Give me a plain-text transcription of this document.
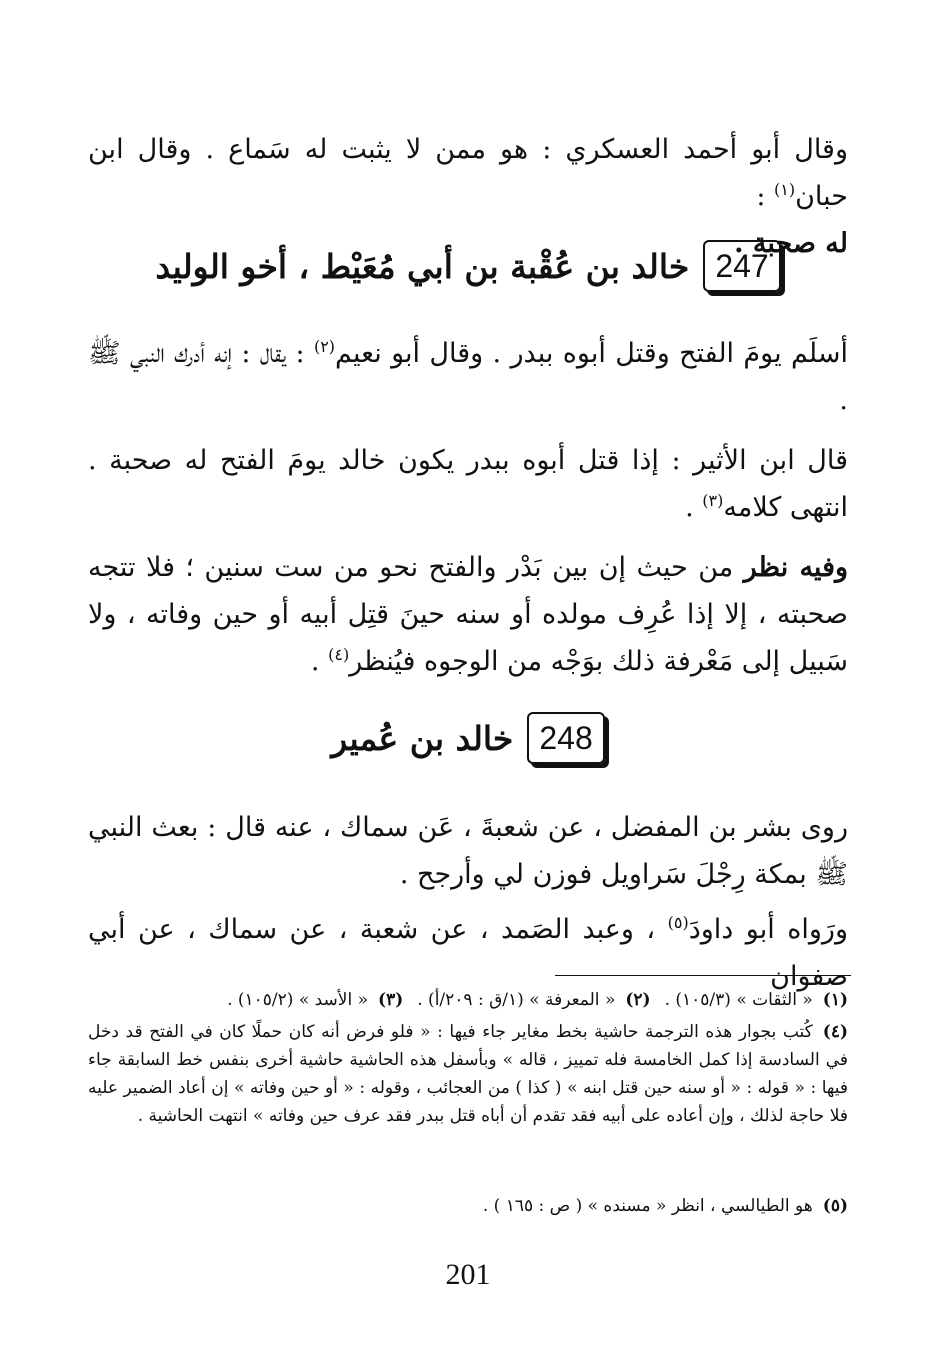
وقال أبو أحمد العسكري : هو ممن لا يثبت له سَماع . وقال ابن حبان$^{(١)}$ :
له صحبة .

247
خالد بن عُقْبة بن أبي مُعَيْط ، أخو الوليد

أسلَم يومَ الفتح وقتل أبوه ببدر . وقال أبو نعيم$^{(٢)}$ : يقال : إنه أدرك النبي ﷺ .

قال ابن الأثير : إذا قتل أبوه ببدر يكون خالد يومَ الفتح له صحبة . انتهى كلامه$^{(٣)}$ .

وفيه نظر من حيث إن بين بَدْر والفتح نحو من ست سنين ؛ فلا تتجه صحبته ، إلا إذا عُرِف مولده أو سنه حينَ قتِل أبيه أو حين وفاته ، ولا سَبيل إلى مَعْرفة ذلك بوَجْه من الوجوه فيُنظر$^{(٤)}$ .

248
خالد بن عُمير

روى بشر بن المفضل ، عن شعبةَ ، عَن سماك ، عنه قال : بعث النبي ﷺ بمكة رِجْلَ سَراويل فوزن لي وأرجح .

ورَواه أبو داودَ$^{(٥)}$ ، وعبد الصَمد ، عن شعبة ، عن سماك ، عن أبي صفوان

(١)« الثقات » (١٠٥/٣) .
(٢)« المعرفة » (١/ق : ٢٠٩/أ) .
(٣)« الأسد » (١٠٥/٢) .
(٤)كُتب بجوار هذه الترجمة حاشية بخط مغاير جاء فيها : « فلو فرض أنه كان حملًا كان في الفتح قد دخل في السادسة إذا كمل الخامسة فله تمييز ، قاله » وبأسفل هذه الحاشية حاشية أخرى بنفس خط السابقة جاء فيها : « قوله : « أو سنه حين قتل ابنه » ( كذا ) من العجائب ، وقوله : « أو حين وفاته » إن أعاد الضمير عليه فلا حاجة لذلك ، وإن أعاده على أبيه فقد تقدم أن أباه قتل ببدر فقد عرف حين وفاته » انتهت الحاشية .
(٥)هو الطيالسي ، انظر « مسنده » ( ص : ١٦٥ ) .
201
